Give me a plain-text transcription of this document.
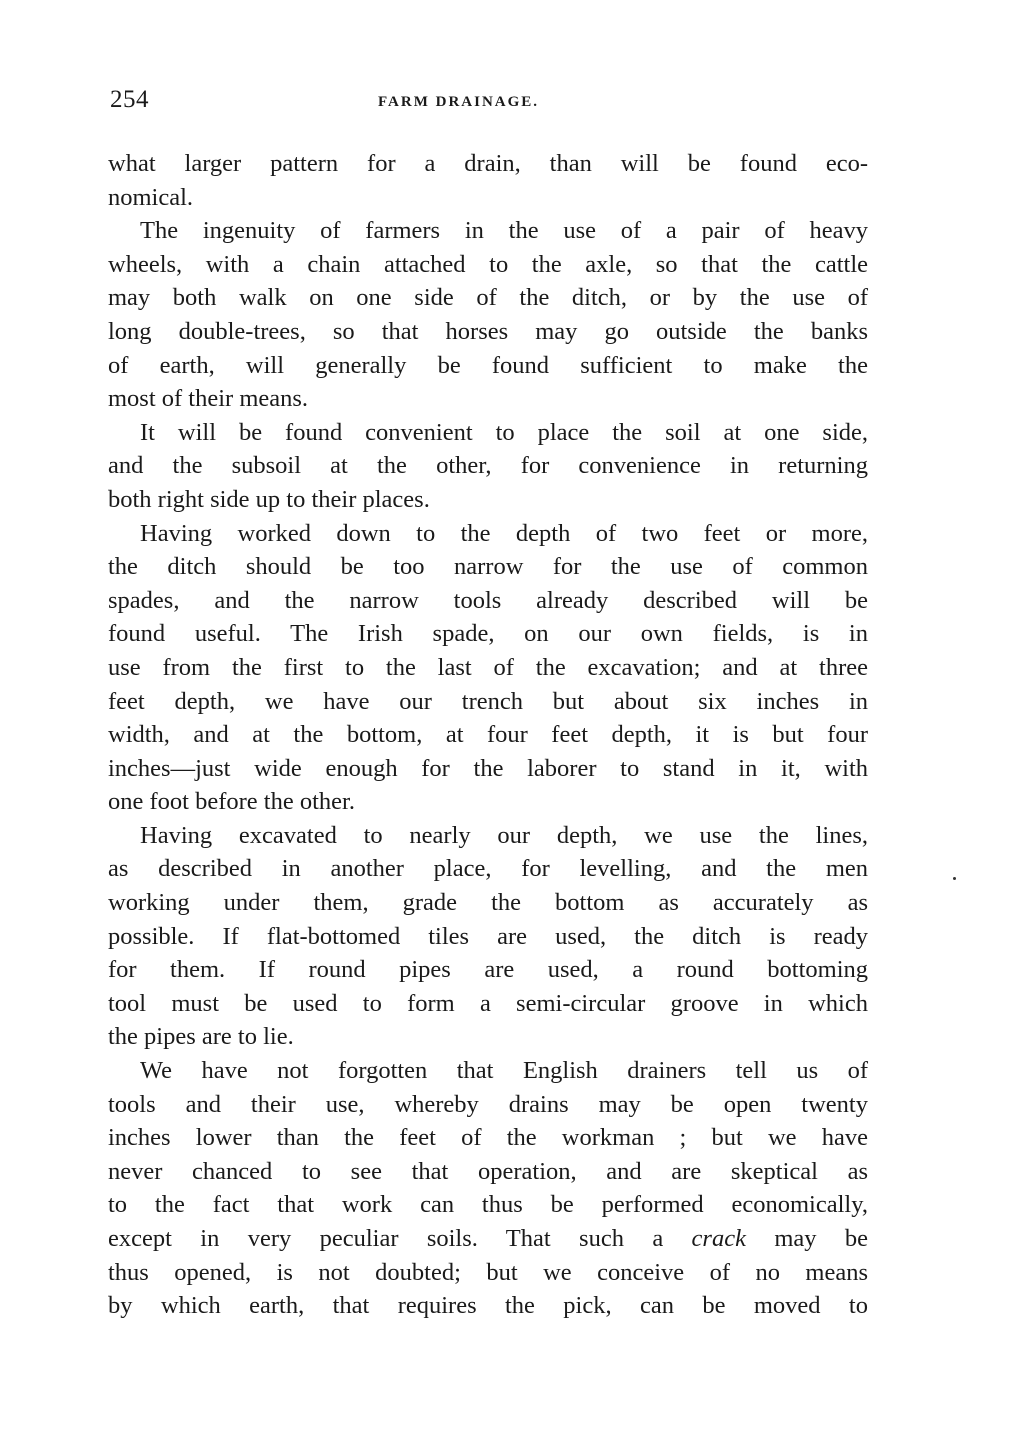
254	FARM DRAINAGE.
what larger pattern for a drain, than will be found eco-
nomical.
The ingenuity of farmers in the use of a pair of heavy
wheels, with a chain attached to the axle, so that the cattle
may both walk on one side of the ditch, or by the use of
long double-trees, so that horses may go outside the banks
of earth, will generally be found sufficient to make the
most of their means.
It will be found convenient to place the soil at one side,
and the subsoil at the other, for convenience in returning
both right side up to their places.
Having worked down to the depth of two feet or more,
the ditch should be too narrow for the use of common
spades, and the narrow tools already described will be
found useful. The Irish spade, on our own fields, is in
use from the first to the last of the excavation; and at three
feet depth, we have our trench but about six inches in
width, and at the bottom, at four feet depth, it is but four
inches—just wide enough for the laborer to stand in it, with
one foot before the other.
Having excavated to nearly our depth, we use the lines,
as described in another place, for levelling, and the men
working under them, grade the bottom as accurately as
possible. If flat-bottomed tiles are used, the ditch is ready
for them. If round pipes are used, a round bottoming
tool must be used to form a semi-circular groove in which
the pipes are to lie.
We have not forgotten that English drainers tell us of
tools and their use, whereby drains may be open twenty
inches lower than the feet of the workman ; but we have
never chanced to see that operation, and are skeptical as
to the fact that work can thus be performed economically,
except in very peculiar soils. That such a crack may be
thus opened, is not doubted; but we conceive of no means
by which earth, that requires the pick, can be moved to
